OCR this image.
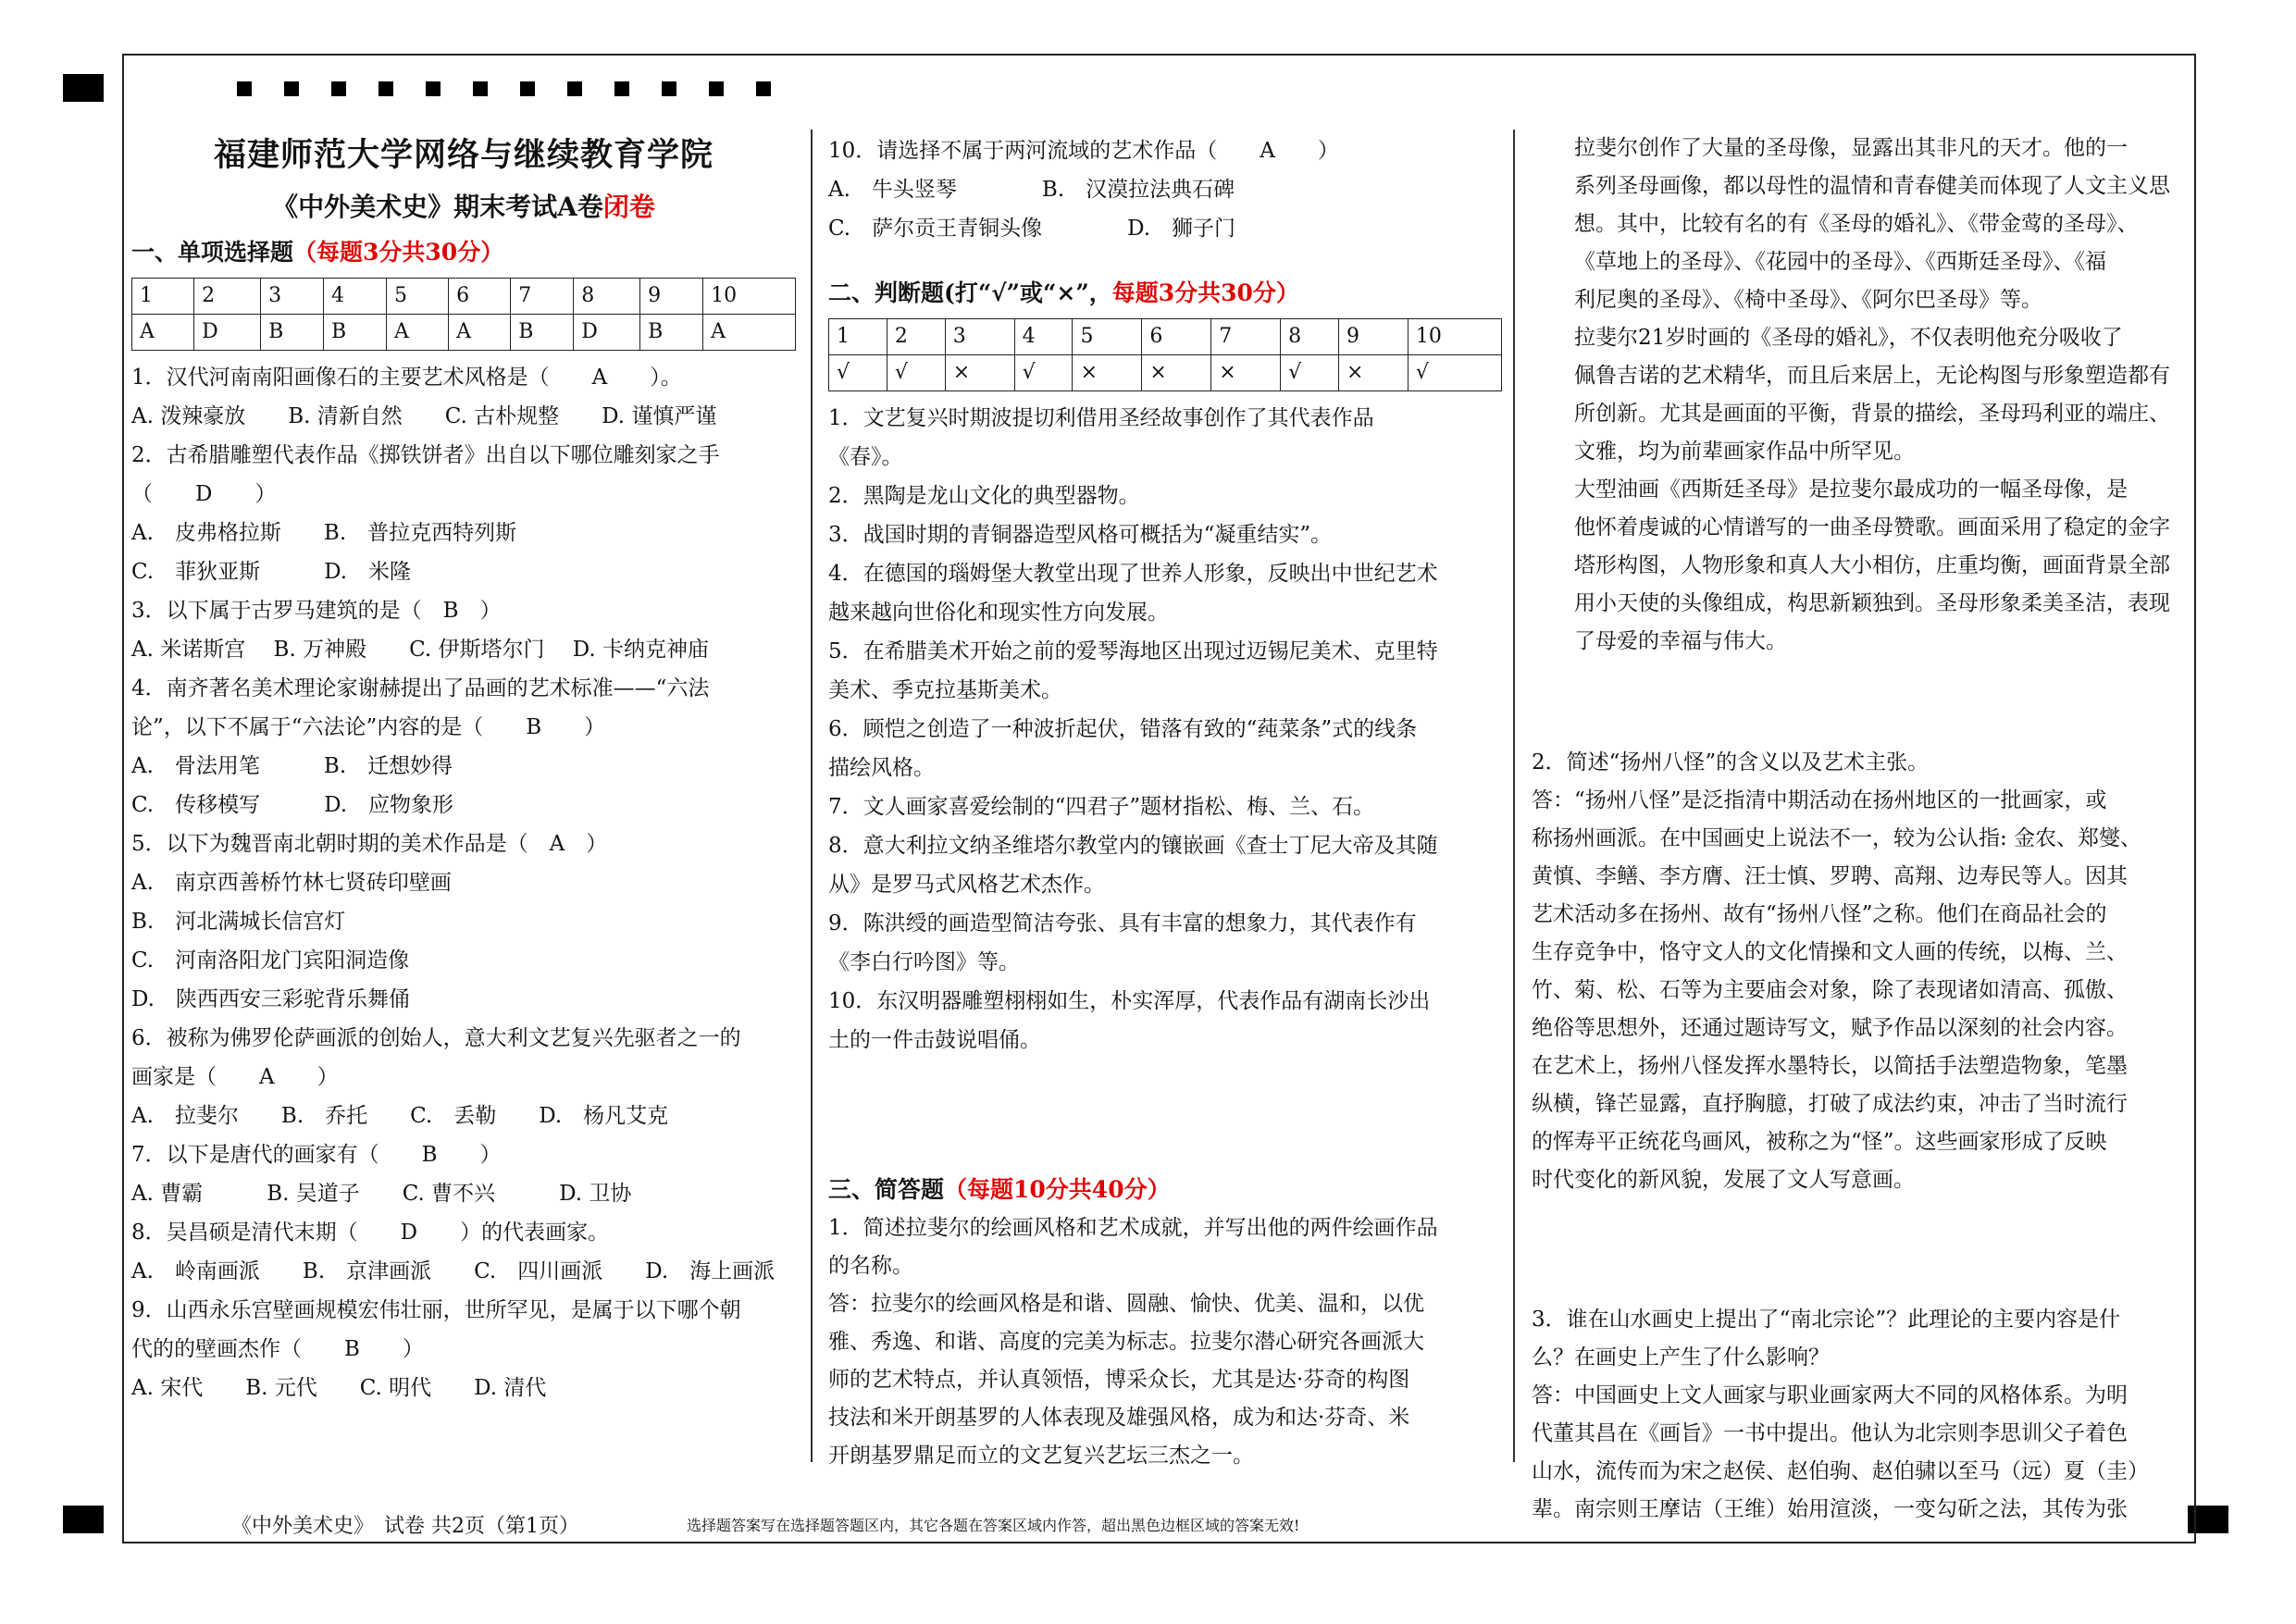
福建师范大学网络与继续教育学院

《中外美术史》期末考试A卷闭卷

一、单项选择题（每题3分共30分）

1	2	3	4	5	6	7	8	9	10
A	D	B	B	A	A	B	D	B	A

1．汉代河南南阳画像石的主要艺术风格是（　　A　　）。

A. 泼辣豪放　　B. 清新自然　　C. 古朴规整　　D. 谨慎严谨

2．古希腊雕塑代表作品《掷铁饼者》出自以下哪位雕刻家之手

（　　D　　）

A.　皮弗格拉斯　　B.　普拉克西特列斯

C.　菲狄亚斯　　　D.　米隆

3．以下属于古罗马建筑的是（　B　）

A. 米诺斯宫　 B. 万神殿　　C. 伊斯塔尔门　 D. 卡纳克神庙

4．南齐著名美术理论家谢赫提出了品画的艺术标准——“六法

论”，以下不属于“六法论”内容的是（　　B　　）

A.　骨法用笔　　　B.　迁想妙得

C.　传移模写　　　D.　应物象形

5．以下为魏晋南北朝时期的美术作品是（　A　）

A.　南京西善桥竹林七贤砖印壁画

B.　河北满城长信宫灯

C.　河南洛阳龙门宾阳洞造像

D.　陕西西安三彩驼背乐舞俑

6．被称为佛罗伦萨画派的创始人，意大利文艺复兴先驱者之一的

画家是（　　A　　）

A.　拉斐尔　　B.　乔托　　C.　丢勒　　D.　杨凡艾克

7．以下是唐代的画家有（　　B　　）

A. 曹霸　　　B. 吴道子　　C. 曹不兴　　　D. 卫协

8．吴昌硕是清代末期（　　D　　）的代表画家。

A.　岭南画派　　B.　京津画派　　C.　四川画派　　D.　海上画派

9．山西永乐宫壁画规模宏伟壮丽，世所罕见，是属于以下哪个朝

代的的壁画杰作（　　B　　）

A. 宋代　　B. 元代　　C. 明代　　D. 清代

10．请选择不属于两河流域的艺术作品（　　A　　）

A.　牛头竖琴　　　　B.　汉漠拉法典石碑

C.　萨尔贡王青铜头像　　　　D.　狮子门

二、判断题(打“√”或“×”，每题3分共30分）

1	2	3	4	5	6	7	8	9	10
√	√	×	√	×	×	×	√	×	√

1．文艺复兴时期波提切利借用圣经故事创作了其代表作品

《春》。

2．黑陶是龙山文化的典型器物。

3．战国时期的青铜器造型风格可概括为“凝重结实”。

4．在德国的瑙姆堡大教堂出现了世养人形象，反映出中世纪艺术

越来越向世俗化和现实性方向发展。

5．在希腊美术开始之前的爱琴海地区出现过迈锡尼美术、克里特

美术、季克拉基斯美术。

6．顾恺之创造了一种波折起伏，错落有致的“莼菜条”式的线条

描绘风格。

7．文人画家喜爱绘制的“四君子”题材指松、梅、兰、石。

8．意大利拉文纳圣维塔尔教堂内的镶嵌画《查士丁尼大帝及其随

从》是罗马式风格艺术杰作。

9．陈洪绶的画造型简洁夸张、具有丰富的想象力，其代表作有

《李白行吟图》等。

10．东汉明器雕塑栩栩如生，朴实浑厚，代表作品有湖南长沙出

土的一件击鼓说唱俑。

三、简答题（每题10分共40分）

1．简述拉斐尔的绘画风格和艺术成就，并写出他的两件绘画作品

的名称。

答：拉斐尔的绘画风格是和谐、圆融、愉快、优美、温和，以优

雅、秀逸、和谐、高度的完美为标志。拉斐尔潜心研究各画派大

师的艺术特点，并认真领悟，博采众长，尤其是达·芬奇的构图

技法和米开朗基罗的人体表现及雄强风格，成为和达·芬奇、米

开朗基罗鼎足而立的文艺复兴艺坛三杰之一。

拉斐尔创作了大量的圣母像，显露出其非凡的天才。他的一

系列圣母画像，都以母性的温情和青春健美而体现了人文主义思

想。其中，比较有名的有《圣母的婚礼》、《带金莺的圣母》、

《草地上的圣母》、《花园中的圣母》、《西斯廷圣母》、《福

利尼奥的圣母》、《椅中圣母》、《阿尔巴圣母》等。

拉斐尔21岁时画的《圣母的婚礼》，不仅表明他充分吸收了

佩鲁吉诺的艺术精华，而且后来居上，无论构图与形象塑造都有

所创新。尤其是画面的平衡，背景的描绘，圣母玛利亚的端庄、

文雅，均为前辈画家作品中所罕见。

大型油画《西斯廷圣母》是拉斐尔最成功的一幅圣母像，是

他怀着虔诚的心情谱写的一曲圣母赞歌。画面采用了稳定的金字

塔形构图，人物形象和真人大小相仿，庄重均衡，画面背景全部

用小天使的头像组成，构思新颖独到。圣母形象柔美圣洁，表现

了母爱的幸福与伟大。

2．简述“扬州八怪”的含义以及艺术主张。

答：“扬州八怪”是泛指清中期活动在扬州地区的一批画家，或

称扬州画派。在中国画史上说法不一，较为公认指: 金农、郑燮、

黄慎、李鳝、李方膺、汪士慎、罗聘、高翔、边寿民等人。因其

艺术活动多在扬州、故有“扬州八怪”之称。他们在商品社会的

生存竞争中，恪守文人的文化情操和文人画的传统，以梅、兰、

竹、菊、松、石等为主要庙会对象，除了表现诸如清高、孤傲、

绝俗等思想外，还通过题诗写文，赋予作品以深刻的社会内容。

在艺术上，扬州八怪发挥水墨特长，以简括手法塑造物象，笔墨

纵横，锋芒显露，直抒胸臆，打破了成法约束，冲击了当时流行

的恽寿平正统花鸟画风，被称之为“怪”。这些画家形成了反映

时代变化的新风貌，发展了文人写意画。

3．谁在山水画史上提出了“南北宗论”？此理论的主要内容是什

么？在画史上产生了什么影响？

答：中国画史上文人画家与职业画家两大不同的风格体系。为明

代董其昌在《画旨》一书中提出。他认为北宗则李思训父子着色

山水，流传而为宋之赵侯、赵伯驹、赵伯骕以至马（远）夏（圭）

辈。南宗则王摩诘（王维）始用渲淡，一变勾斫之法，其传为张

《中外美术史》　试卷 共2页（第1页）	选择题答案写在选择题答题区内，其它各题在答案区域内作答，超出黑色边框区域的答案无效!
